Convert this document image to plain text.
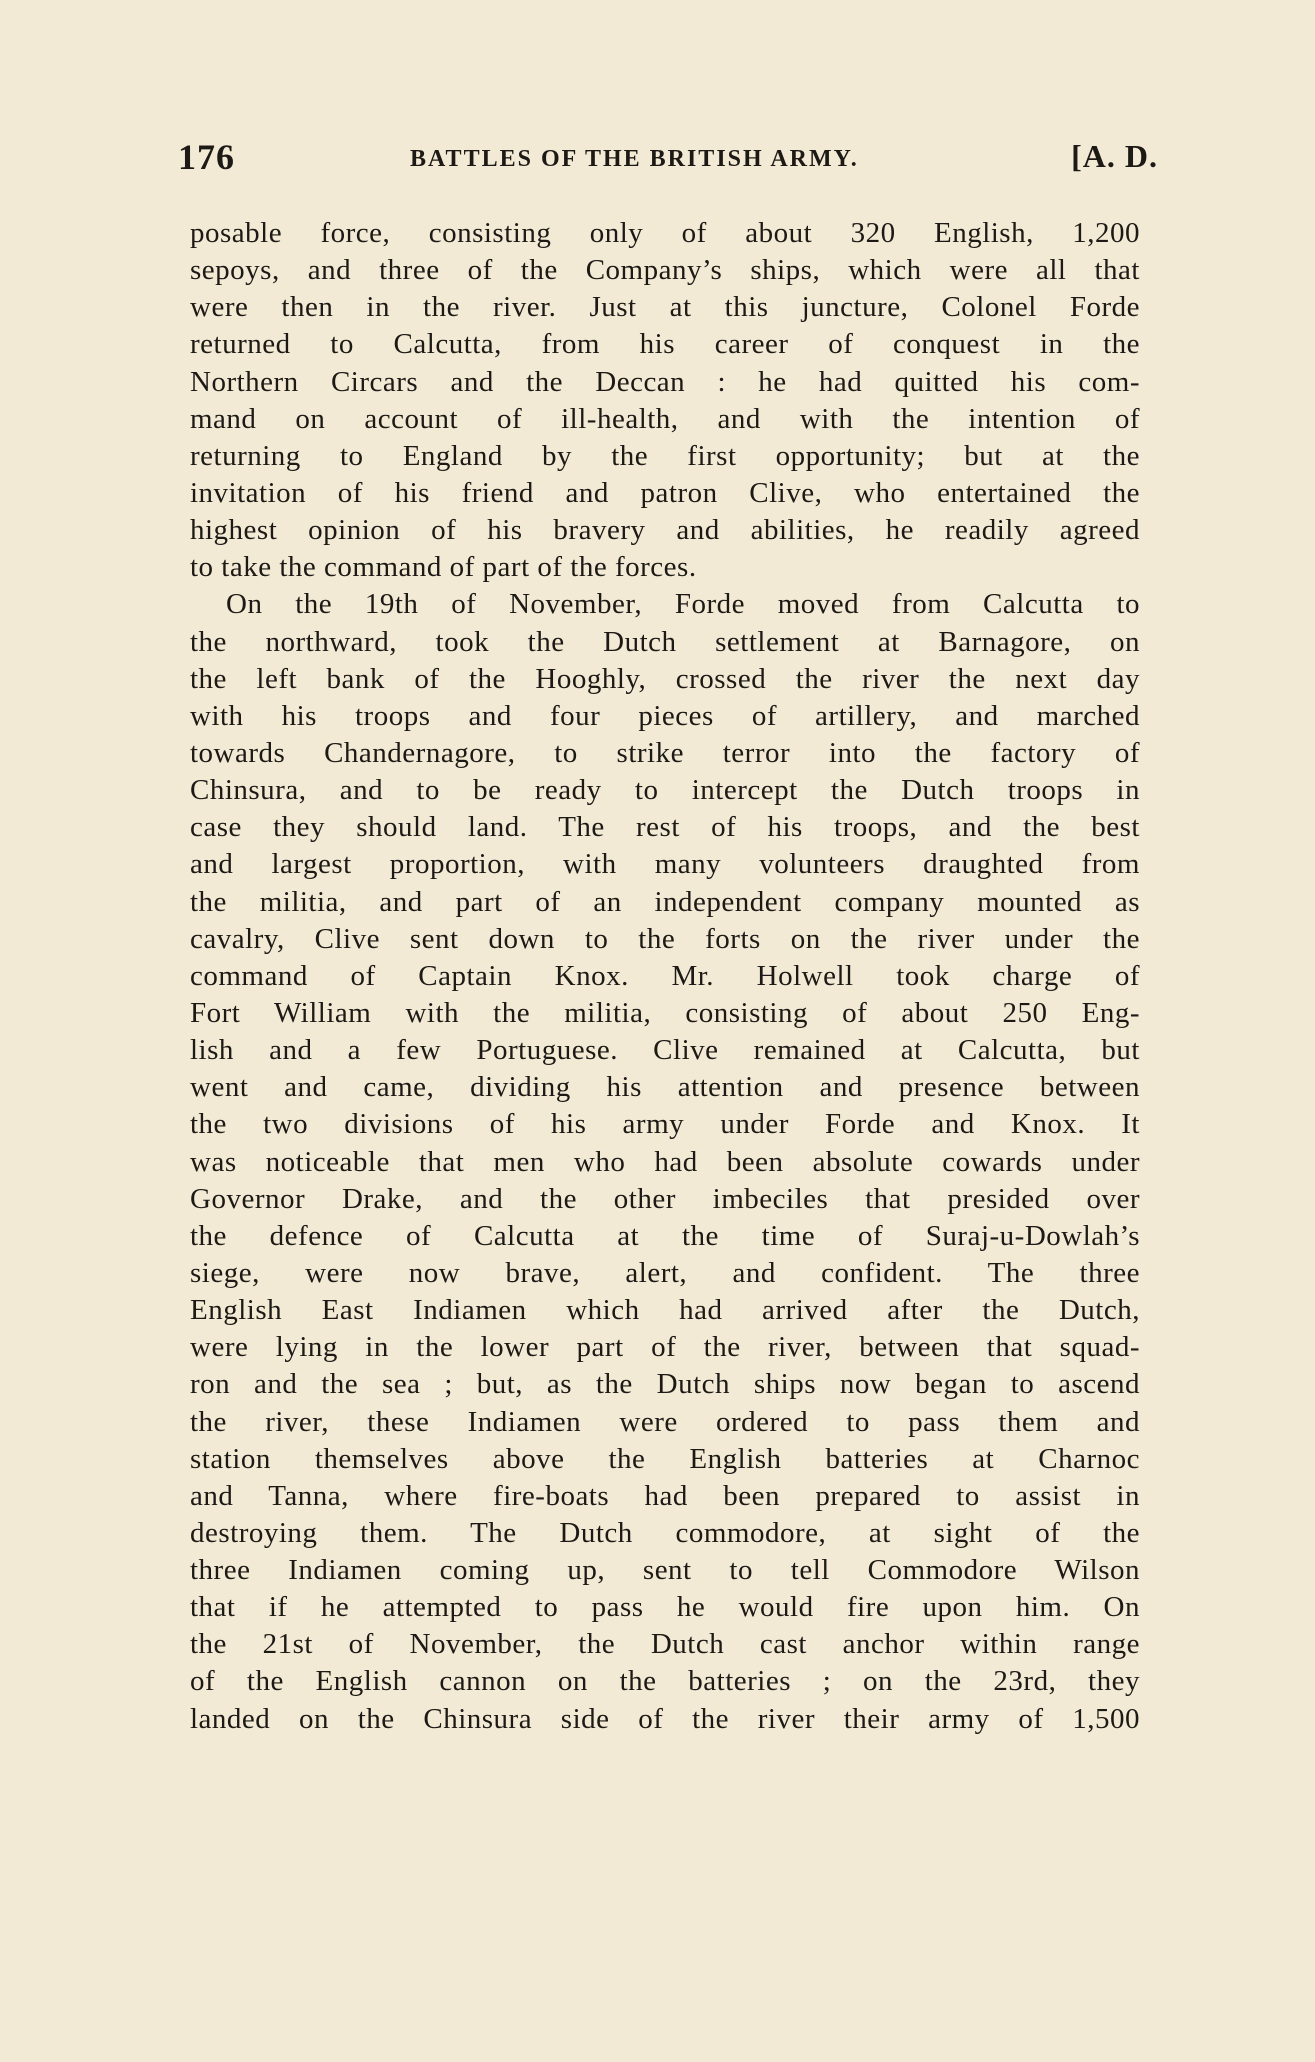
176	BATTLES OF THE BRITISH ARMY.	[A. D.
posable force, consisting only of about 320 English, 1,200
sepoys, and three of the Company’s ships, which were all that
were then in the river. Just at this juncture, Colonel Forde
returned to Calcutta, from his career of conquest in the
Northern Circars and the Deccan : he had quitted his com-
mand on account of ill-health, and with the intention of
returning to England by the first opportunity; but at the
invitation of his friend and patron Clive, who entertained the
highest opinion of his bravery and abilities, he readily agreed
to take the command of part of the forces.
On the 19th of November, Forde moved from Calcutta to
the northward, took the Dutch settlement at Barnagore, on
the left bank of the Hooghly, crossed the river the next day
with his troops and four pieces of artillery, and marched
towards Chandernagore, to strike terror into the factory of
Chinsura, and to be ready to intercept the Dutch troops in
case they should land. The rest of his troops, and the best
and largest proportion, with many volunteers draughted from
the militia, and part of an independent company mounted as
cavalry, Clive sent down to the forts on the river under the
command of Captain Knox. Mr. Holwell took charge of
Fort William with the militia, consisting of about 250 Eng-
lish and a few Portuguese. Clive remained at Calcutta, but
went and came, dividing his attention and presence between
the two divisions of his army under Forde and Knox. It
was noticeable that men who had been absolute cowards under
Governor Drake, and the other imbeciles that presided over
the defence of Calcutta at the time of Suraj-u-Dowlah’s
siege, were now brave, alert, and confident. The three
English East Indiamen which had arrived after the Dutch,
were lying in the lower part of the river, between that squad-
ron and the sea ; but, as the Dutch ships now began to ascend
the river, these Indiamen were ordered to pass them and
station themselves above the English batteries at Charnoc
and Tanna, where fire-boats had been prepared to assist in
destroying them. The Dutch commodore, at sight of the
three Indiamen coming up, sent to tell Commodore Wilson
that if he attempted to pass he would fire upon him. On
the 21st of November, the Dutch cast anchor within range
of the English cannon on the batteries ; on the 23rd, they
landed on the Chinsura side of the river their army of 1,500
